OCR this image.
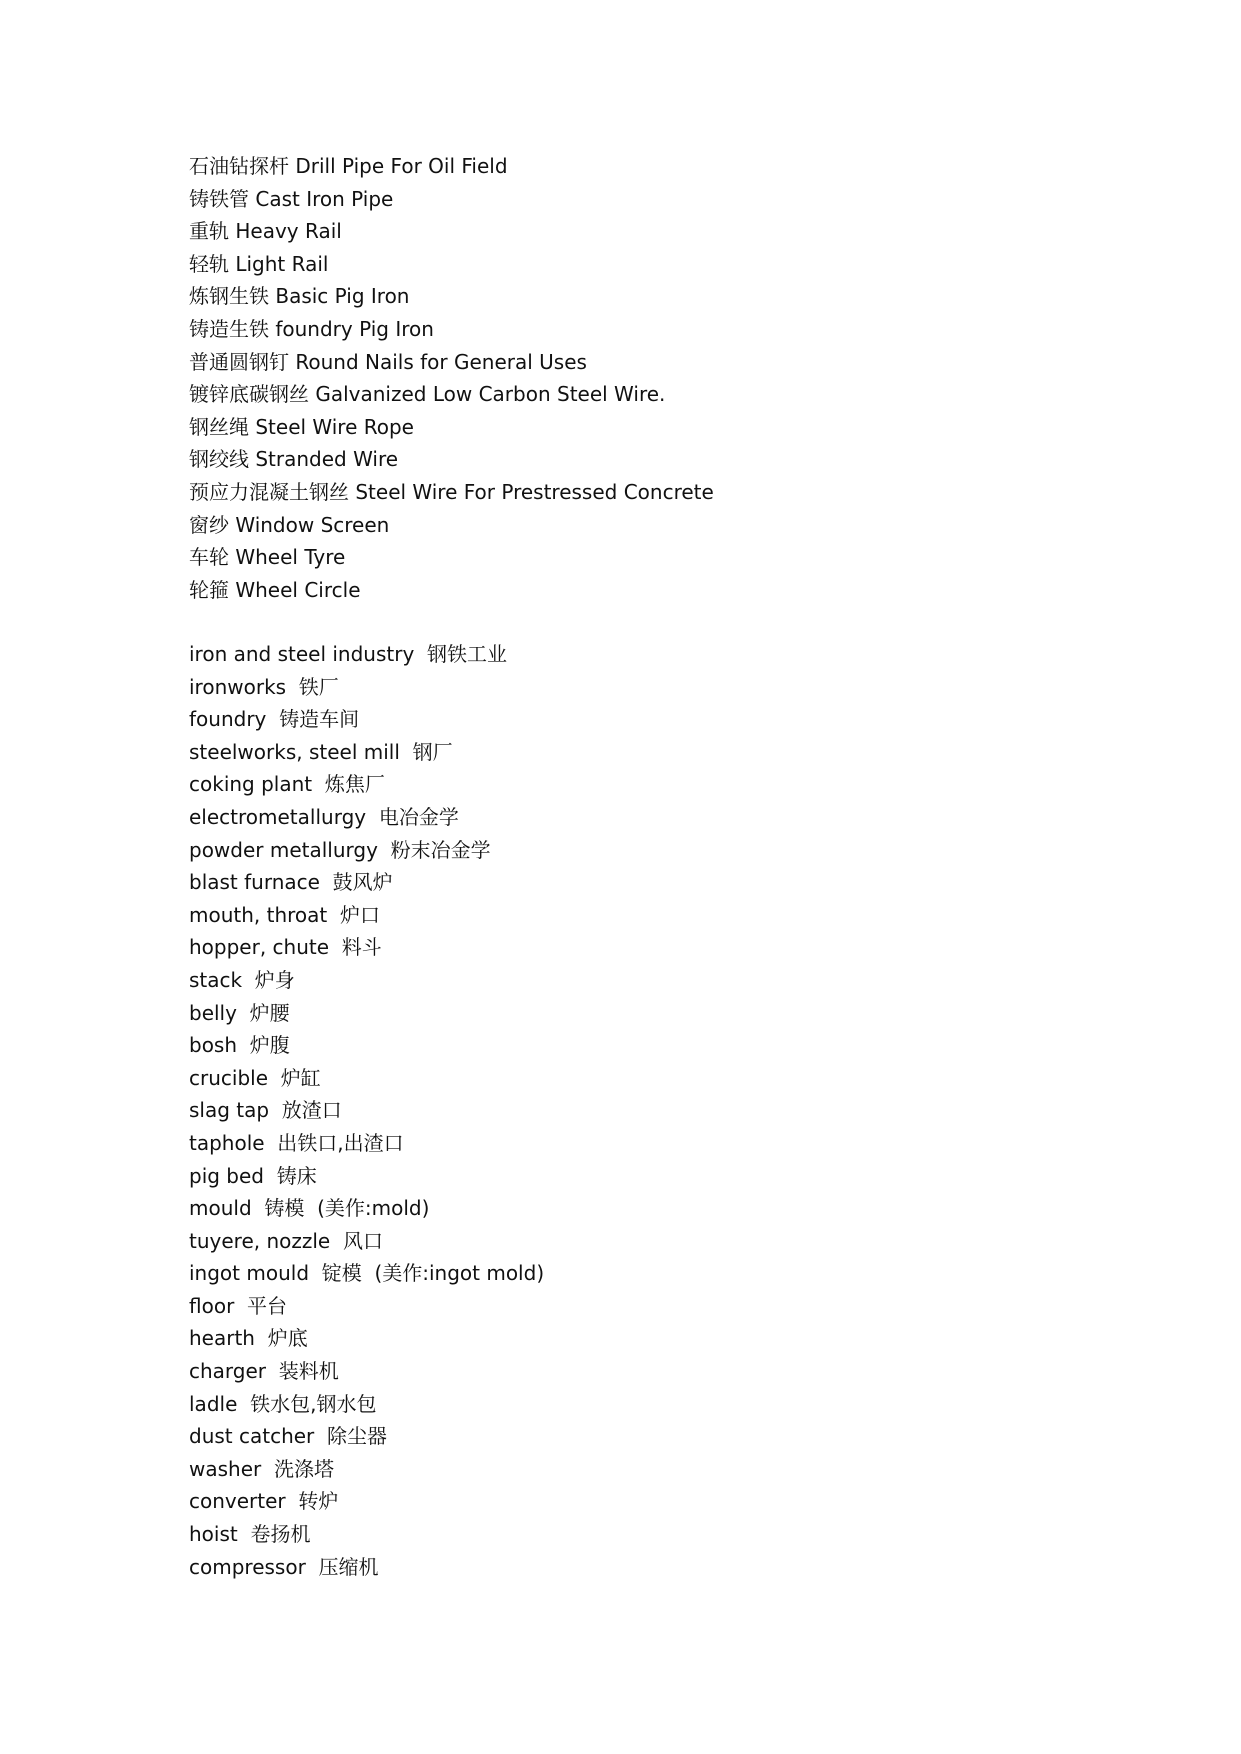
石油钻探杆 Drill Pipe For Oil Field
铸铁管 Cast Iron Pipe
重轨 Heavy Rail
轻轨 Light Rail
炼钢生铁 Basic Pig Iron
铸造生铁 foundry Pig Iron
普通圆钢钉 Round Nails for General Uses
镀锌底碳钢丝 Galvanized Low Carbon Steel Wire.
钢丝绳 Steel Wire Rope
钢绞线 Stranded Wire
预应力混凝土钢丝 Steel Wire For Prestressed Concrete
窗纱 Window Screen
车轮 Wheel Tyre
轮箍 Wheel Circle
iron and steel industry  钢铁工业
ironworks  铁厂
foundry  铸造车间
steelworks, steel mill  钢厂
coking plant  炼焦厂
electrometallurgy  电冶金学
powder metallurgy  粉末冶金学
blast furnace  鼓风炉
mouth, throat  炉口
hopper, chute  料斗
stack  炉身
belly  炉腰
bosh  炉腹
crucible  炉缸
slag tap  放渣口
taphole  出铁口,出渣口
pig bed  铸床
mould  铸模  (美作:mold)
tuyere, nozzle  风口
ingot mould  锭模  (美作:ingot mold)
floor  平台
hearth  炉底
charger  装料机
ladle  铁水包,钢水包
dust catcher  除尘器
washer  洗涤塔
converter  转炉
hoist  卷扬机
compressor  压缩机
